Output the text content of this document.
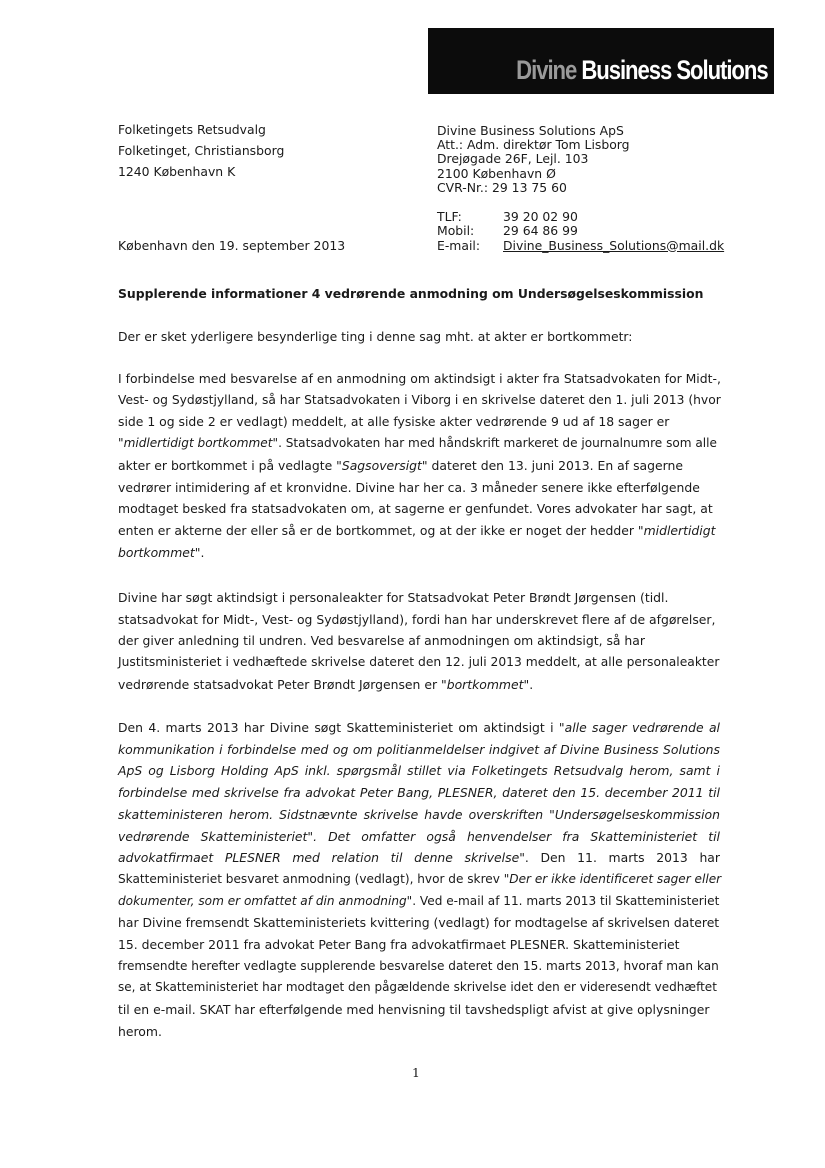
Divine Business Solutions
Folketingets Retsudvalg
Folketinget, Christiansborg
1240 København K
Divine Business Solutions ApS
Att.: Adm. direktør Tom Lisborg
Drejøgade 26F, Lejl. 103
2100 København Ø
CVR-Nr.: 29 13 75 60
TLF:	39 20 02 90
Mobil: 29 64 86 99
E-mail: Divine_Business_Solutions@mail.dk
København den 19. september 2013
Supplerende informationer 4 vedrørende anmodning om Undersøgelseskommission
Der er sket yderligere besynderlige ting i denne sag mht. at akter er bortkommetr:
I forbindelse med besvarelse af en anmodning om aktindsigt i akter fra Statsadvokaten for Midt-,
Vest- og Sydøstjylland, så har Statsadvokaten i Viborg i en skrivelse dateret den 1. juli 2013 (hvor
side 1 og side 2 er vedlagt) meddelt, at alle fysiske akter vedrørende 9 ud af 18 sager er
"midlertidigt bortkommet". Statsadvokaten har med håndskrift markeret de journalnumre som alle
akter er bortkommet i på vedlagte "Sagsoversigt" dateret den 13. juni 2013. En af sagerne
vedrører intimidering af et kronvidne. Divine har her ca. 3 måneder senere ikke efterfølgende
modtaget besked fra statsadvokaten om, at sagerne er genfundet. Vores advokater har sagt, at
enten er akterne der eller så er de bortkommet, og at der ikke er noget der hedder "midlertidigt
bortkommet".
Divine har søgt aktindsigt i personaleakter for Statsadvokat Peter Brøndt Jørgensen (tidl.
statsadvokat for Midt-, Vest- og Sydøstjylland), fordi han har underskrevet flere af de afgørelser,
der giver anledning til undren. Ved besvarelse af anmodningen om aktindsigt, så har
Justitsministeriet i vedhæftede skrivelse dateret den 12. juli 2013 meddelt, at alle personaleakter
vedrørende statsadvokat Peter Brøndt Jørgensen er "bortkommet".
Den 4. marts 2013 har Divine søgt Skatteministeriet om aktindsigt i "alle sager vedrørende al
kommunikation i forbindelse med og om politianmeldelser indgivet af Divine Business Solutions
ApS og Lisborg Holding ApS inkl. spørgsmål stillet via Folketingets Retsudvalg herom, samt i
forbindelse med skrivelse fra advokat Peter Bang, PLESNER, dateret den 15. december 2011 til
skatteministeren herom. Sidstnævnte skrivelse havde overskriften "Undersøgelseskommission
vedrørende Skatteministeriet". Det omfatter også henvendelser fra Skatteministeriet til
advokatfirmaet PLESNER med relation til denne skrivelse". Den 11. marts 2013 har
Skatteministeriet besvaret anmodning (vedlagt), hvor de skrev "Der er ikke identificeret sager eller
dokumenter, som er omfattet af din anmodning". Ved e-mail af 11. marts 2013 til Skatteministeriet
har Divine fremsendt Skatteministeriets kvittering (vedlagt) for modtagelse af skrivelsen dateret
15. december 2011 fra advokat Peter Bang fra advokatfirmaet PLESNER. Skatteministeriet
fremsendte herefter vedlagte supplerende besvarelse dateret den 15. marts 2013, hvoraf man kan
se, at Skatteministeriet har modtaget den pågældende skrivelse idet den er videresendt vedhæftet
til en e-mail. SKAT har efterfølgende med henvisning til tavshedspligt afvist at give oplysninger
herom.
1
